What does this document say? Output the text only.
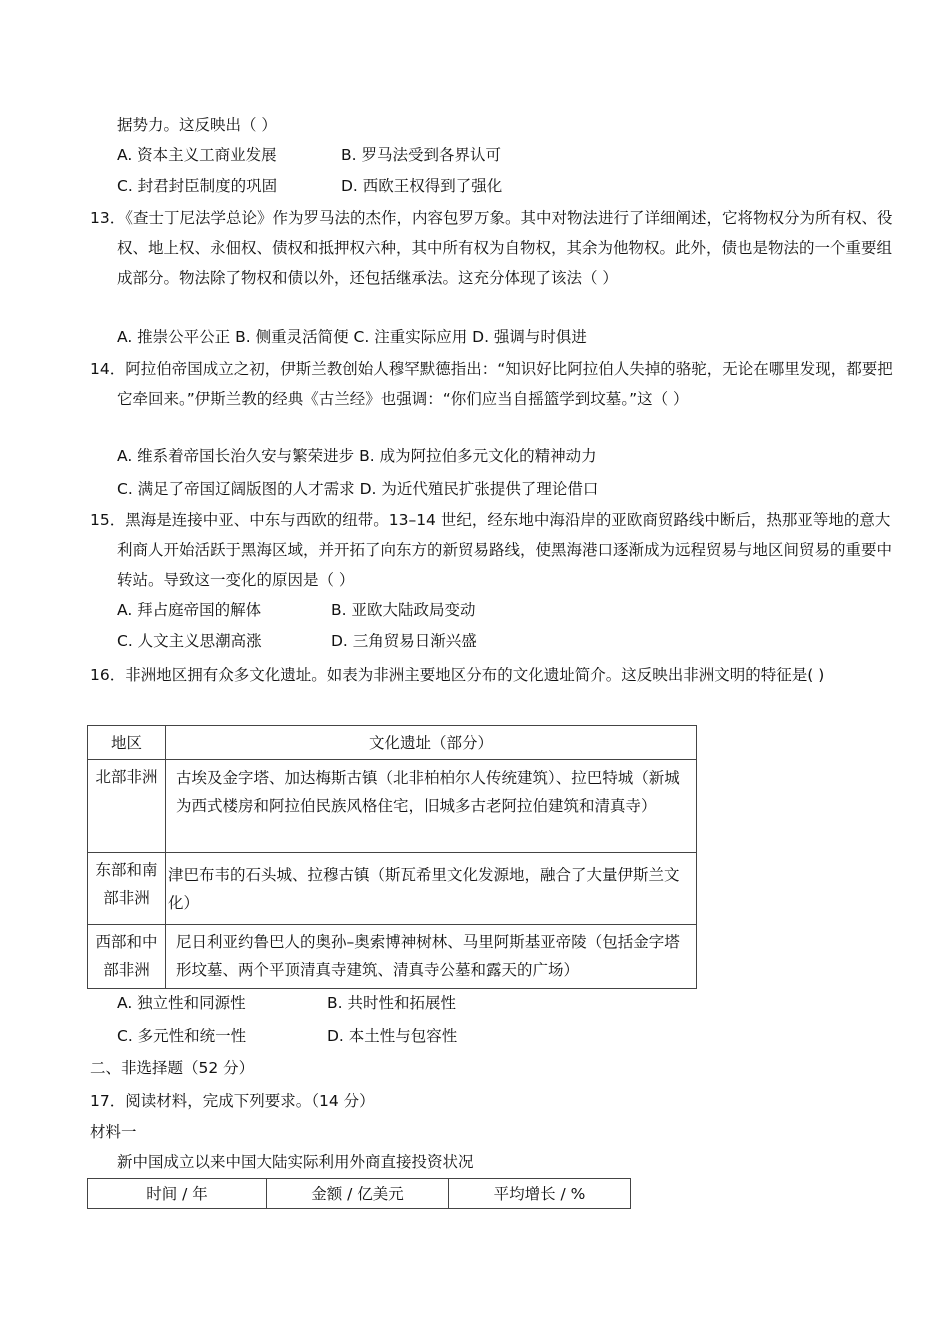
据势力。这反映出（ ）
A. 资本主义工商业发展	B. 罗马法受到各界认可
C. 封君封臣制度的巩固	D. 西欧王权得到了强化
13．《查士丁尼法学总论》作为罗马法的杰作，内容包罗万象。其中对物法进行了详细阐述，它将物权分为所有权、役权、地上权、永佃权、债权和抵押权六种，其中所有权为自物权，其余为他物权。此外，债也是物法的一个重要组成部分。物法除了物权和债以外，还包括继承法。这充分体现了该法（ ）
A. 推崇公平公正 B. 侧重灵活简便 C. 注重实际应用 D. 强调与时俱进
14．阿拉伯帝国成立之初，伊斯兰教创始人穆罕默德指出：“知识好比阿拉伯人失掉的骆驼，无论在哪里发现，都要把它牵回来。”伊斯兰教的经典《古兰经》也强调：“你们应当自摇篮学到坟墓。”这（ ）
A. 维系着帝国长治久安与繁荣进步 B. 成为阿拉伯多元文化的精神动力
C. 满足了帝国辽阔版图的人才需求 D. 为近代殖民扩张提供了理论借口
15．黑海是连接中亚、中东与西欧的纽带。13–14 世纪，经东地中海沿岸的亚欧商贸路线中断后，热那亚等地的意大利商人开始活跃于黑海区域，并开拓了向东方的新贸易路线，使黑海港口逐渐成为远程贸易与地区间贸易的重要中转站。导致这一变化的原因是（ ）
A. 拜占庭帝国的解体	B. 亚欧大陆政局变动
C. 人文主义思潮高涨	D. 三角贸易日渐兴盛
16．非洲地区拥有众多文化遗址。如表为非洲主要地区分布的文化遗址简介。这反映出非洲文明的特征是( )
地区	文化遗址（部分）
北部非洲	古埃及金字塔、加达梅斯古镇（北非柏柏尔人传统建筑）、拉巴特城（新城为西式楼房和阿拉伯民族风格住宅，旧城多古老阿拉伯建筑和清真寺）
东部和南部非洲	津巴布韦的石头城、拉穆古镇（斯瓦希里文化发源地，融合了大量伊斯兰文化）
西部和中部非洲	尼日利亚约鲁巴人的奥孙–奥索博神树林、马里阿斯基亚帝陵（包括金字塔形坟墓、两个平顶清真寺建筑、清真寺公墓和露天的广场）
A. 独立性和同源性	B. 共时性和拓展性
C. 多元性和统一性	D. 本土性与包容性
二、非选择题（52 分）
17．阅读材料，完成下列要求。（14 分）
材料一
新中国成立以来中国大陆实际利用外商直接投资状况
时间 / 年	金额 / 亿美元	平均增长 / %
